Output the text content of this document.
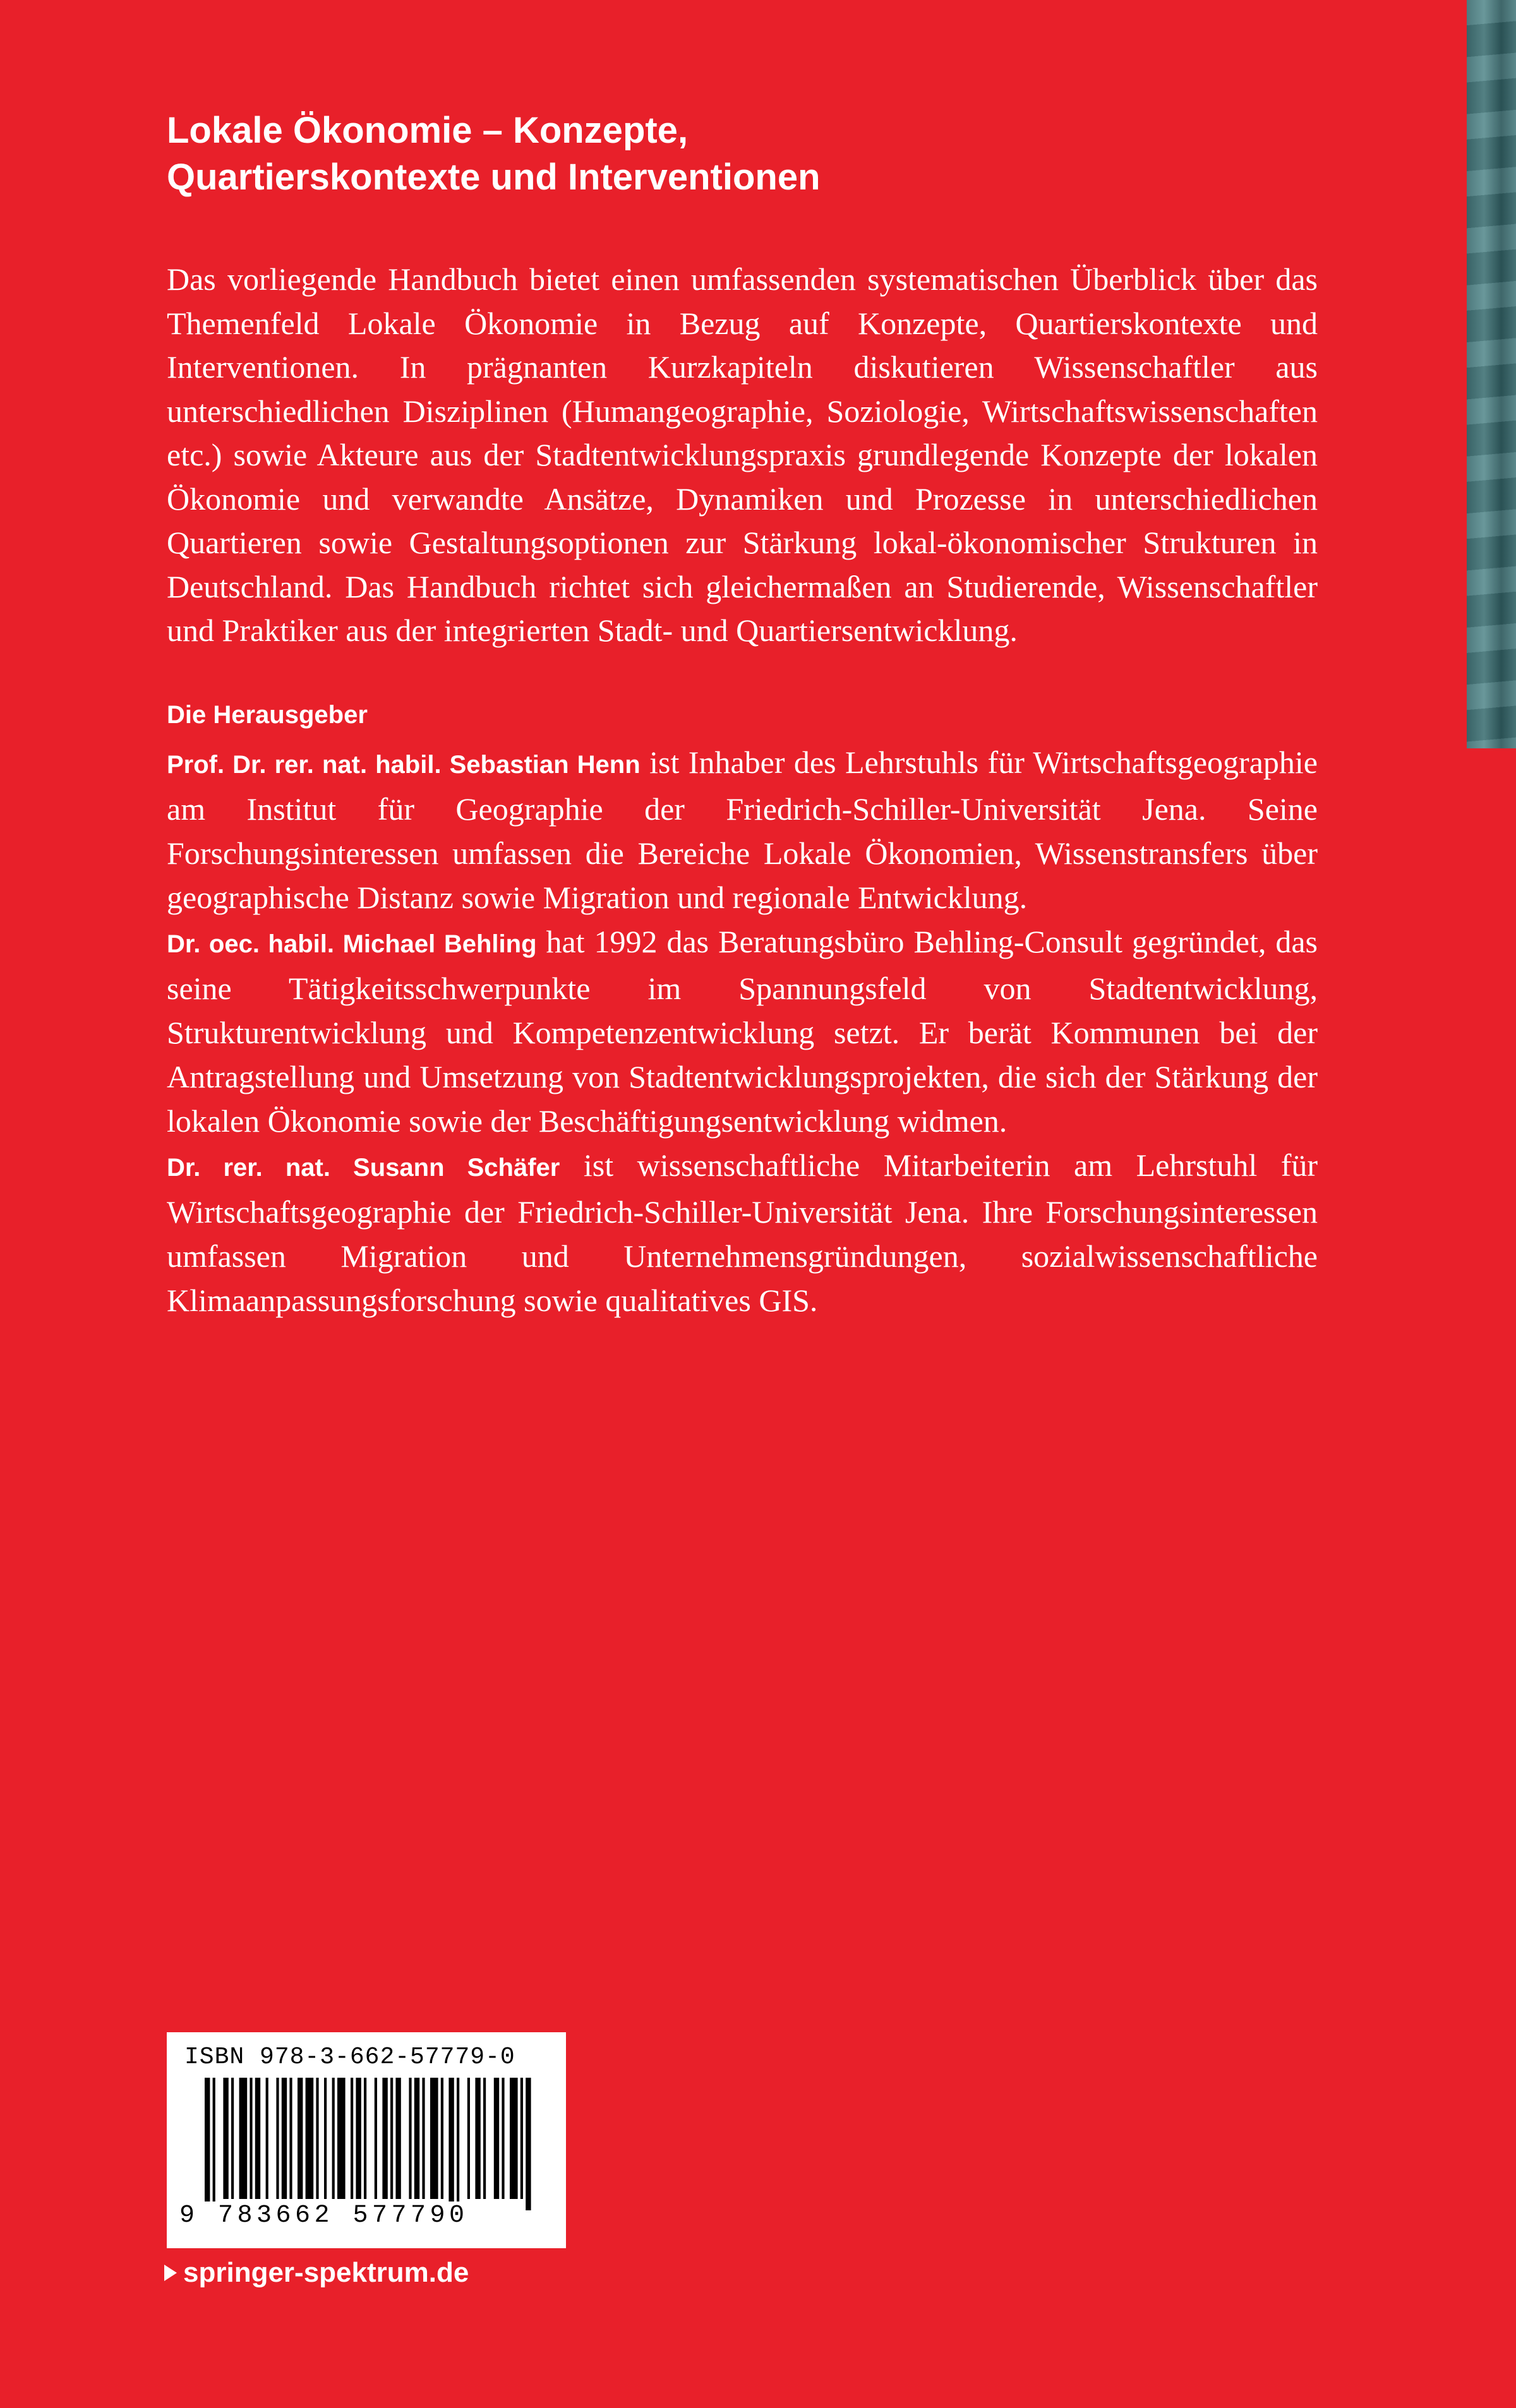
Lokale Ökonomie – Konzepte,
Quartierskontexte und Interventionen

Das vorliegende Handbuch bietet einen umfassenden systematischen Überblick über das Themenfeld Lokale Ökonomie in Bezug auf Konzepte, Quartierskontexte und Interventionen. In prägnanten Kurzkapiteln diskutieren Wissenschaftler aus unterschiedlichen Disziplinen (Humangeographie, Soziologie, Wirtschaftswissenschaften etc.) sowie Akteure aus der Stadtentwicklungspraxis grundlegende Konzepte der lokalen Ökonomie und verwandte Ansätze, Dynamiken und Prozesse in unterschiedlichen Quartieren sowie Gestaltungsoptionen zur Stärkung lokal-ökonomischer Strukturen in Deutschland. Das Handbuch richtet sich gleichermaßen an Studierende, Wissenschaftler und Praktiker aus der integrierten Stadt- und Quartiersentwicklung.

Die Herausgeber

Prof. Dr. rer. nat. habil. Sebastian Henn ist Inhaber des Lehrstuhls für Wirtschaftsgeographie am Institut für Geographie der Friedrich-Schiller-Universität Jena. Seine Forschungsinteressen umfassen die Bereiche Lokale Ökonomien, Wissenstransfers über geographische Distanz sowie Migration und regionale Entwicklung.

Dr. oec. habil. Michael Behling hat 1992 das Beratungsbüro Behling-Consult gegründet, das seine Tätigkeitsschwerpunkte im Spannungsfeld von Stadtentwicklung, Strukturentwicklung und Kompetenzentwicklung setzt. Er berät Kommunen bei der Antragstellung und Umsetzung von Stadtentwicklungsprojekten, die sich der Stärkung der lokalen Ökonomie sowie der Beschäftigungsentwicklung widmen.

Dr. rer. nat. Susann Schäfer ist wissenschaftliche Mitarbeiterin am Lehrstuhl für Wirtschaftsgeographie der Friedrich-Schiller-Universität Jena. Ihre Forschungsinteressen umfassen Migration und Unternehmensgründungen, sozialwissenschaftliche Klimaanpassungsforschung sowie qualitatives GIS.

ISBN 978-3-662-57779-0
9 783662 577790
springer-spektrum.de
